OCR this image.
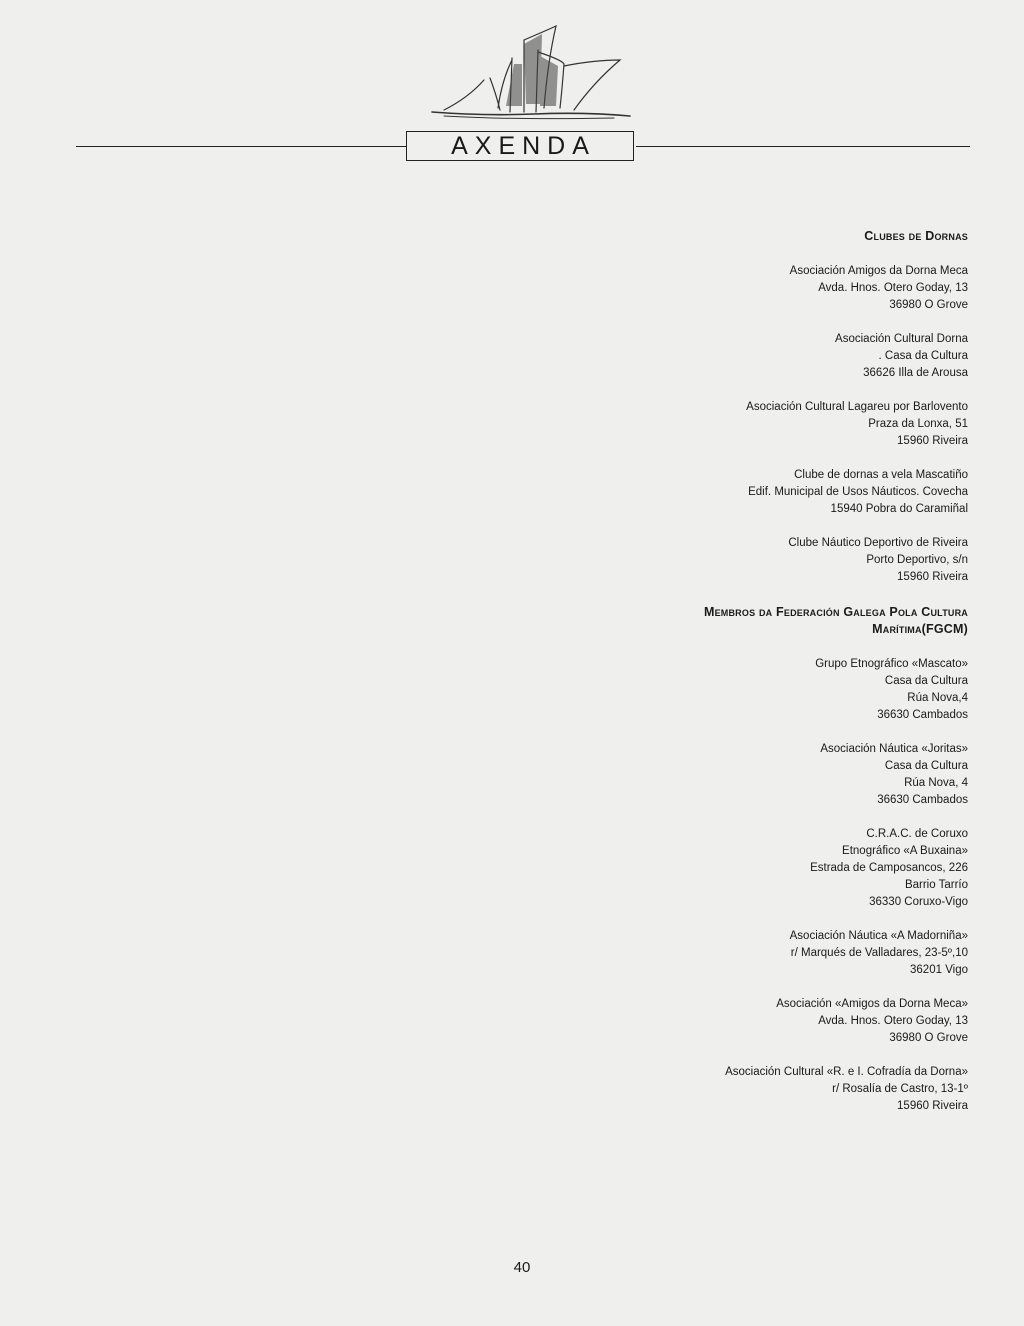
AXENDA
Clubes de Dornas
Asociación Amigos da Dorna Meca
Avda. Hnos. Otero Goday, 13
36980 O Grove
Asociación Cultural Dorna
. Casa da Cultura
36626 Illa de Arousa
Asociación Cultural Lagareu por Barlovento
Praza da Lonxa, 51
15960 Riveira
Clube de dornas a vela Mascatiño
Edif. Municipal de Usos Náuticos. Covecha
15940 Pobra do Caramiñal
Clube Náutico Deportivo de Riveira
Porto Deportivo, s/n
15960 Riveira
Membros da Federación Galega Pola Cultura
Marítima(FGCM)
Grupo Etnográfico «Mascato»
Casa da Cultura
Rúa Nova,4
36630 Cambados
Asociación Náutica «Joritas»
Casa da Cultura
Rúa Nova, 4
36630 Cambados
C.R.A.C. de Coruxo
Etnográfico «A Buxaina»
Estrada de Camposancos, 226
Barrio Tarrío
36330 Coruxo-Vigo
Asociación Náutica «A Madorniña»
r/ Marqués de Valladares, 23-5º,10
36201 Vigo
Asociación «Amigos da Dorna Meca»
Avda. Hnos. Otero Goday, 13
36980 O Grove
Asociación Cultural «R. e I. Cofradía da Dorna»
r/ Rosalía de Castro, 13-1º
15960 Riveira
40
